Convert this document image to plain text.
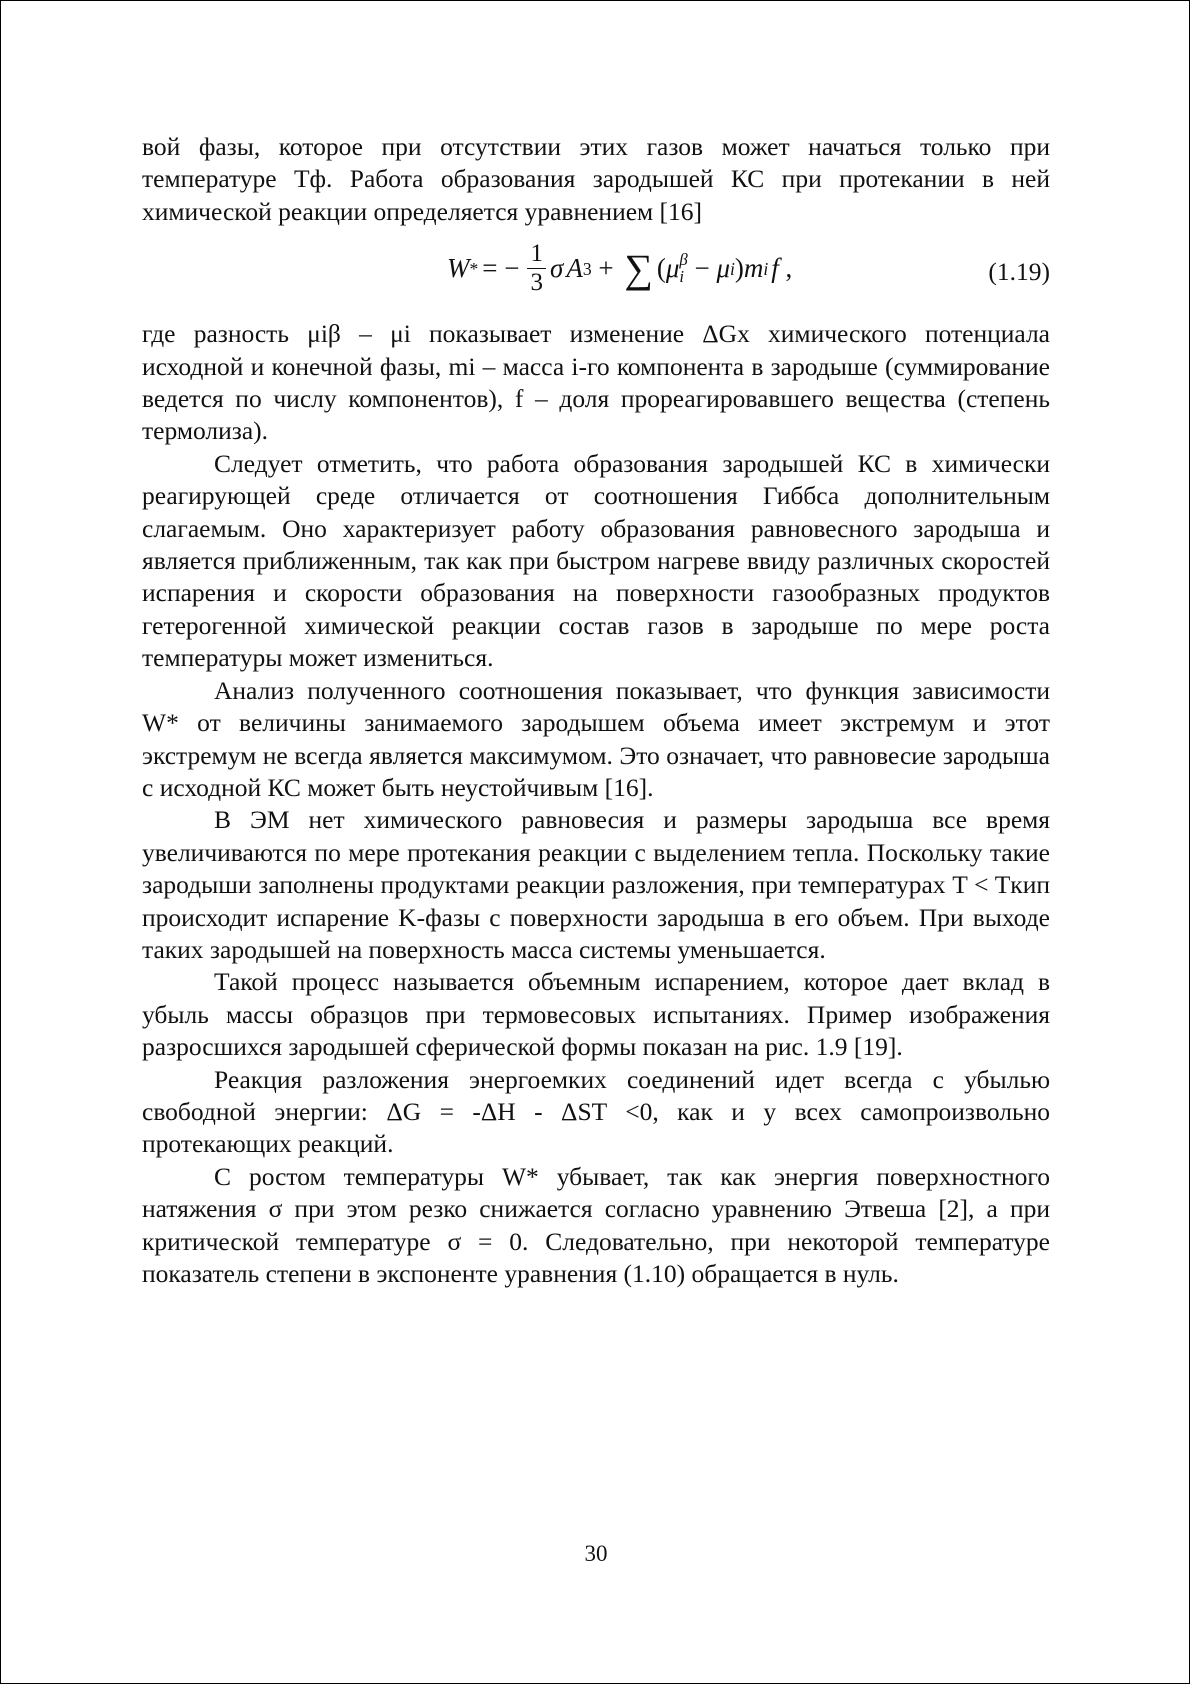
вой фазы, которое при отсутствии этих газов может начаться только при температуре Tф. Работа образования зародышей КС при протекании в ней химической реакции определяется уравнением [16]

W * = − $\frac{1}{3}$ σ A 3 + ∑ ( μ β
i − μ i ) m i f ,	(1.19)

где разность μiβ – μi показывает изменение ΔGx химического потенциала исходной и конечной фазы, mi – масса i-го компонента в зародыше (суммирование ведется по числу компонентов), f – доля прореагировавшего вещества (степень термолиза).

Следует отметить, что работа образования зародышей КС в химически реагирующей среде отличается от соотношения Гиббса дополнительным слагаемым. Оно характеризует работу образования равновесного зародыша и является приближенным, так как при быстром нагреве ввиду различных скоростей испарения и скорости образования на поверхности газообразных продуктов гетерогенной химической реакции состав газов в зародыше по мере роста температуры может измениться.

Анализ полученного соотношения показывает, что функция зависимости W* от величины занимаемого зародышем объема имеет экстремум и этот экстремум не всегда является максимумом. Это означает, что равновесие зародыша с исходной КС может быть неустойчивым [16].

В ЭМ нет химического равновесия и размеры зародыша все время увеличиваются по мере протекания реакции с выделением тепла. Поскольку такие зародыши заполнены продуктами реакции разложения, при температурах T < Tкип происходит испарение K-фазы с поверхности зародыша в его объем. При выходе таких зародышей на поверхность масса системы уменьшается.

Такой процесс называется объемным испарением, которое дает вклад в убыль массы образцов при термовесовых испытаниях. Пример изображения разросшихся зародышей сферической формы показан на рис. 1.9 [19].

Реакция разложения энергоемких соединений идет всегда с убылью свободной энергии: ΔG = -ΔH - ΔST <0, как и у всех самопроизвольно протекающих реакций.

С ростом температуры W* убывает, так как энергия поверхностного натяжения σ при этом резко снижается согласно уравнению Этвеша [2], а при критической температуре σ = 0. Следовательно, при некоторой температуре показатель степени в экспоненте уравнения (1.10) обращается в нуль.

30
